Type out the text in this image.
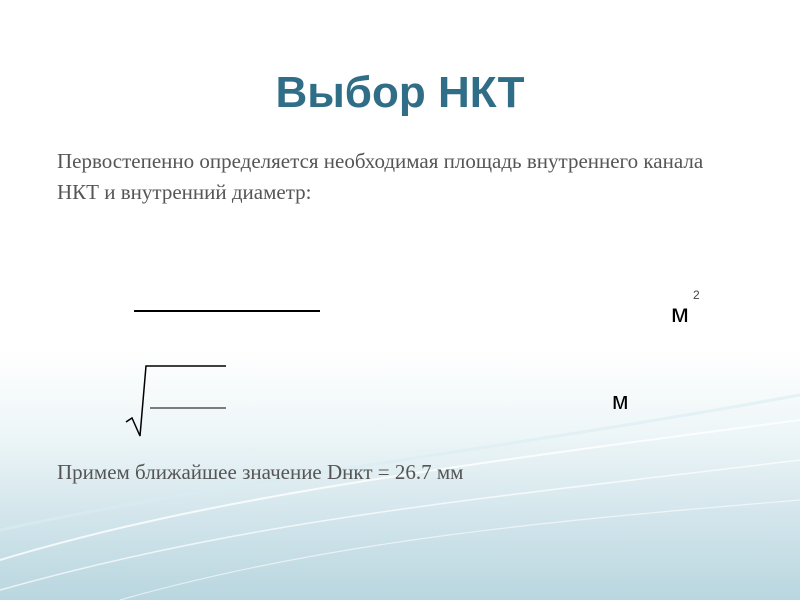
Выбор НКТ

Первостепенно определяется необходимая площадь внутреннего канала НКТ и внутренний диаметр:

м
2
м

Примем ближайшее значение Dнкт = 26.7 мм
